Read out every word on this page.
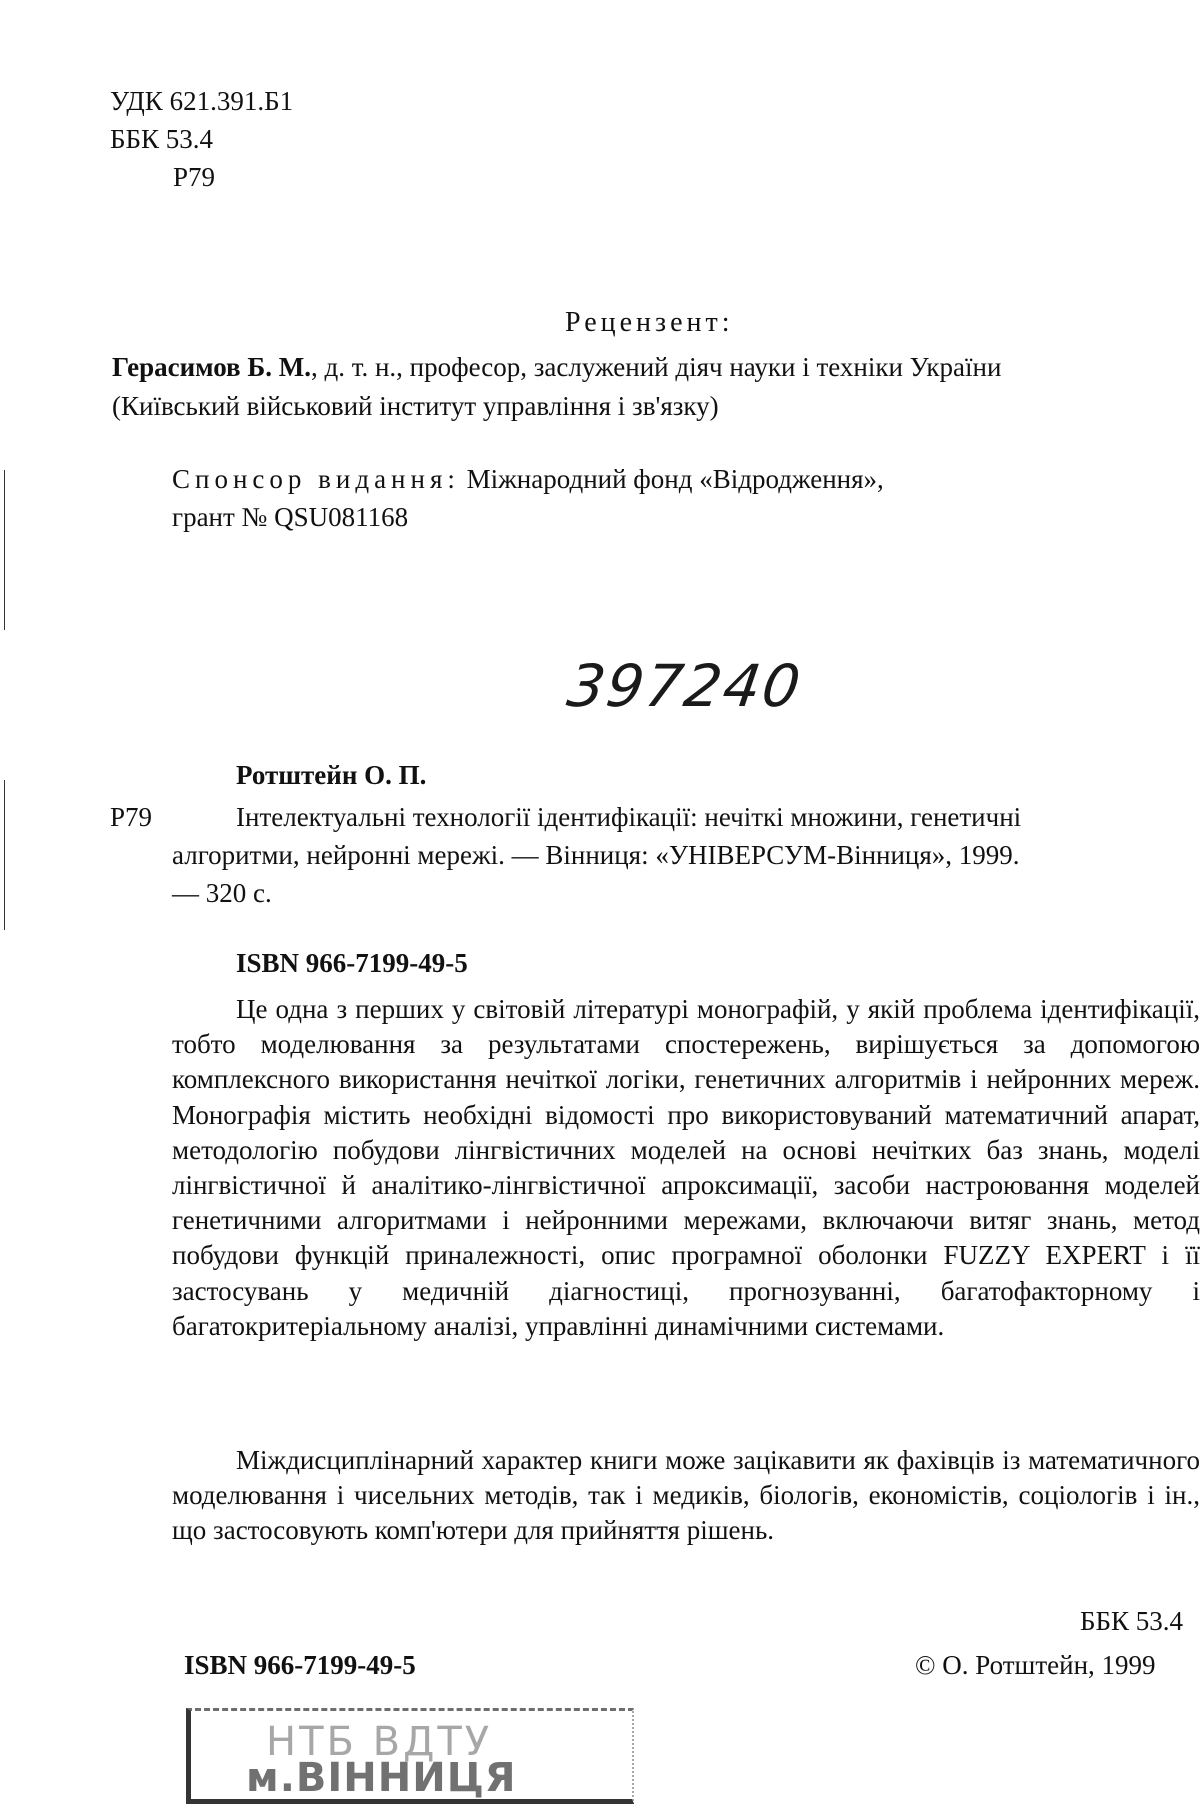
УДК 621.391.Б1
ББК 53.4
Р79
Рецензент:
Герасимов Б. М., д. т. н., професор, заслужений діяч науки і техніки України
(Київський військовий інститут управління і зв'язку)
Спонсор видання: Міжнародний фонд «Відродження»,
грант № QSU081168
397240
Ротштейн О. П.
Р79	Інтелектуальні технології ідентифікації: нечіткі множини, генетичні
алгоритми, нейронні мережі. — Вінниця: «УНІВЕРСУМ-Вінниця», 1999.
— 320 с.
ISBN 966-7199-49-5

Це одна з перших у світовій літературі монографій, у якій проблема ідентифікації, тобто моделювання за результатами спостережень, вирішується за допомогою комплексного використання нечіткої логіки, генетичних алгоритмів і нейронних мереж. Монографія містить необхідні відомості про використовуваний математичний апарат, методологію побудови лінгвістичних моделей на основі нечітких баз знань, моделі лінгвістичної й аналітико-лінгвістичної апроксимації, засоби настроювання моделей генетичними алгоритмами і нейронними мережами, включаючи витяг знань, метод побудови функцій приналежності, опис програмної оболонки FUZZY EXPERT і її застосувань у медичній діагностиці, прогнозуванні, багатофакторному і багатокритеріальному аналізі, управлінні динамічними системами.

Міждисциплінарний характер книги може зацікавити як фахівців із математичного моделювання і чисельних методів, так і медиків, біологів, економістів, соціологів і ін., що застосовують комп'ютери для прийняття рішень.

ББК 53.4
ISBN 966-7199-49-5	© О. Ротштейн, 1999
НТБ ВДТУ
м.ВІННИЦЯ
